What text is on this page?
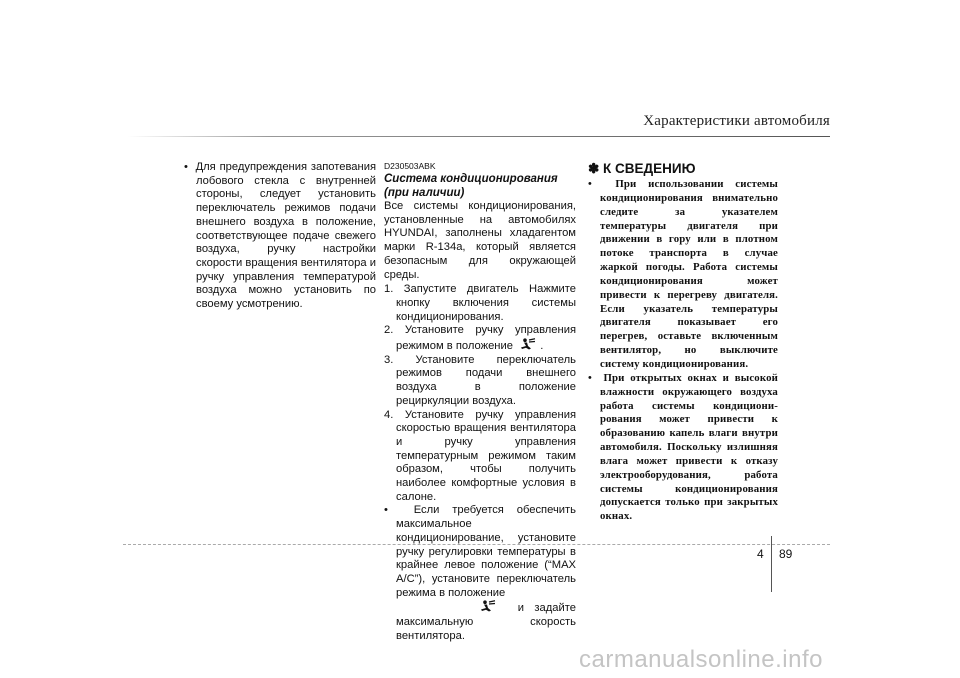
Характеристики автомобиля

• Для предупреждения запотевания лобового стекла с внутренней стороны, следует установить переключатель режимов подачи внешнего воздуха в положение, соответствующее подаче свежего воздуха, ручку настройки скорости вращения вентилятора и ручку управления температурой воздуха можно установить по своему усмотрению.

D230503ABK

Система кондиционирования
(при наличии)

Все системы кондиционирования, установленные на автомобилях HYUNDAI, заполнены хладагентом марки R-134a, который является безопасным для окружающей среды.

1. Запустите двигатель Нажмите кнопку включения системы кондиционирования.

2. Установите ручку управления режимом в положение .

3. Установите переключатель режимов подачи внешнего воздуха в положение рециркуляции воздуха.

4. Установите ручку управления скоростью вращения вентилятора и ручку управления температурным режимом таким образом, чтобы получить наиболее комфортные условия в салоне.

• Если требуется обеспечить максимальное кондиционирование, установите ручку регулировки температуры в крайнее левое положение (“MAX A/C”), установите переключатель режима в положение
и задайте максимальную скорость вентилятора.

✽ К СВЕДЕНИЮ

• При использовании системы кондиционирования внимательно следите за указателем температуры двигателя при движении в гору или в плотном потоке транспорта в случае жаркой погоды. Работа системы кондиционирования может привести к перегреву двигателя. Если указатель температуры двигателя показывает его перегрев, оставьте включенным вентилятор, но выключите систему кондиционирования.

• При открытых окнах и высокой влажности окружающего воздуха работа системы кондициони-рования может привести к образованию капель влаги внутри автомобиля. Поскольку излишняя влага может привести к отказу электрооборудования, работа системы кондиционирования допускается только при закрытых окнах.

4 89
carmanualsonline.info
